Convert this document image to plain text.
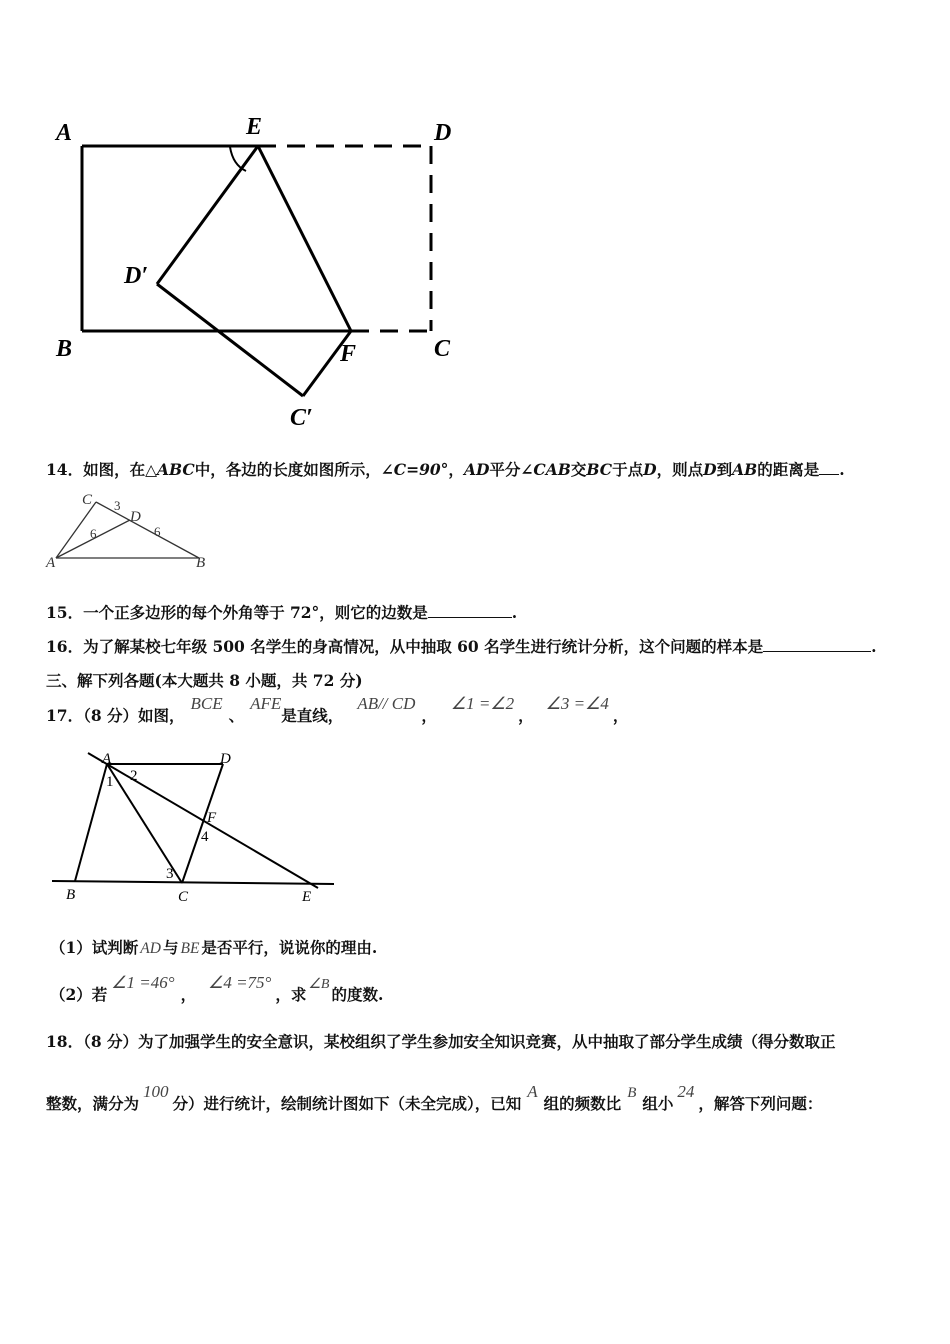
A	E	D
D′
B	F	C
C′
14．如图，在△ABC中，各边的长度如图所示，∠C=90°，AD平分∠CAB交BC于点D，则点D到AB的距离是 .
C 3
D
6	6
A	B
15．一个正多边形的每个外角等于 72°，则它的边数是	.
16．为了解某校七年级 500 名学生的身高情况，从中抽取 60 名学生进行统计分析，这个问题的样本是	.
三、解下列各题(本大题共 8 小题，共 72 分)
17．（8 分）如图，BCE、AFE是直线，AB// CD，∠1 =∠2，∠3 =∠4，
A	D
1 2
F
4
3
B	C	E
（1）试判断 AD 与 BE 是否平行，说说你的理由.
（2）若∠1 =46°，∠4 =75°，求∠B的度数.
18．（8 分）为了加强学生的安全意识，某校组织了学生参加安全知识竞赛，从中抽取了部分学生成绩（得分数取正
整数，满分为100分）进行统计，绘制统计图如下（未全完成），已知A组的频数比B组小24，解答下列问题：
